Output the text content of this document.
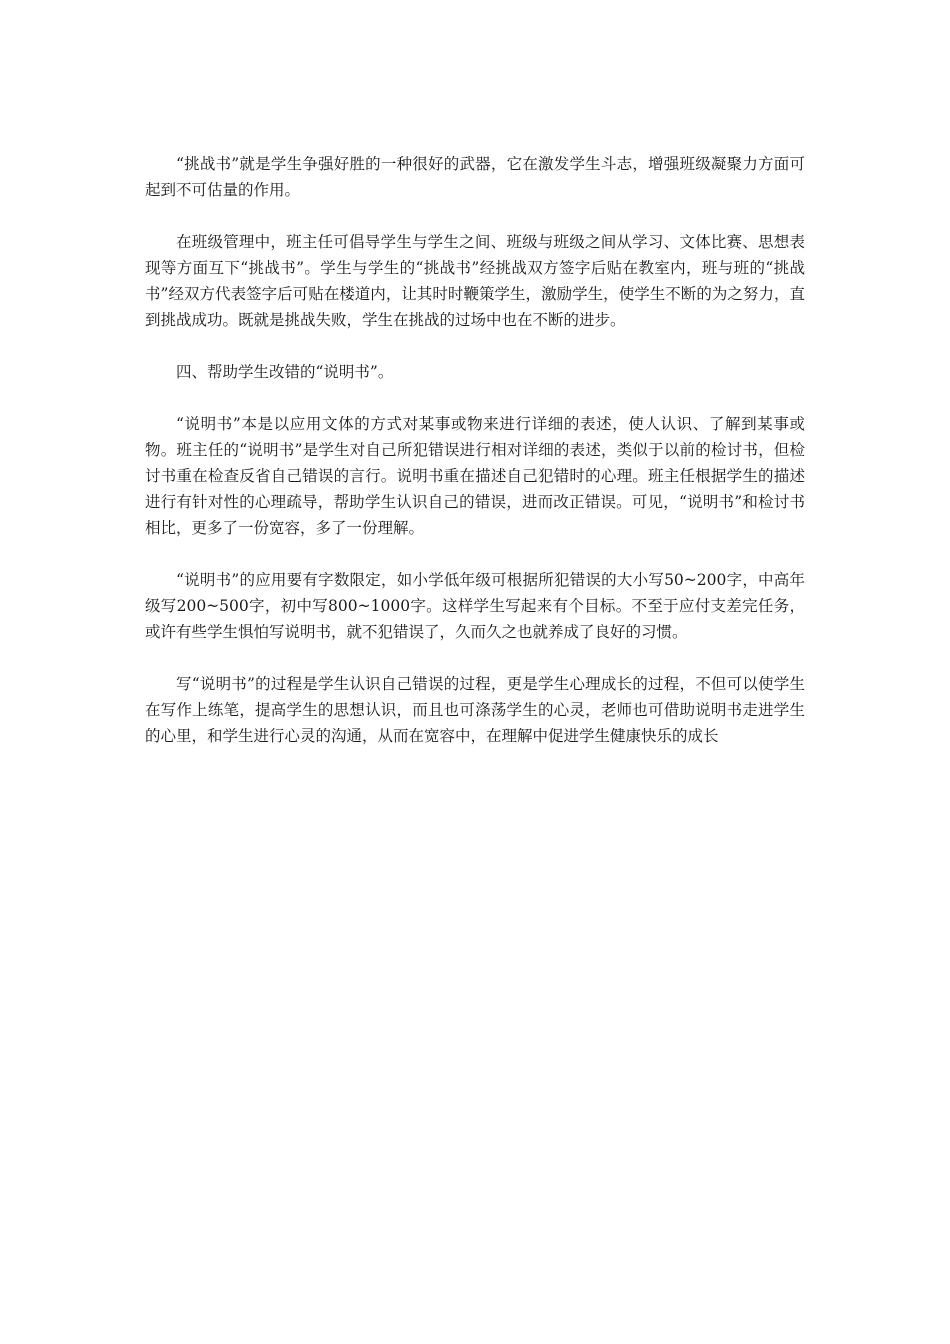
“挑战书”就是学生争强好胜的一种很好的武器，它在激发学生斗志，增强班级凝聚力方面可起到不可估量的作用。

在班级管理中，班主任可倡导学生与学生之间、班级与班级之间从学习、文体比赛、思想表现等方面互下“挑战书”。学生与学生的“挑战书”经挑战双方签字后贴在教室内，班与班的“挑战书”经双方代表签字后可贴在楼道内，让其时时鞭策学生，激励学生，使学生不断的为之努力，直到挑战成功。既就是挑战失败，学生在挑战的过场中也在不断的进步。

四、帮助学生改错的“说明书”。

“说明书”本是以应用文体的方式对某事或物来进行详细的表述，使人认识、了解到某事或物。班主任的“说明书”是学生对自己所犯错误进行相对详细的表述，类似于以前的检讨书，但检讨书重在检查反省自己错误的言行。说明书重在描述自己犯错时的心理。班主任根据学生的描述进行有针对性的心理疏导，帮助学生认识自己的错误，进而改正错误。可见，“说明书”和检讨书相比，更多了一份宽容，多了一份理解。

“说明书”的应用要有字数限定，如小学低年级可根据所犯错误的大小写50~200字，中高年级写200~500字，初中写800~1000字。这样学生写起来有个目标。不至于应付支差完任务，或许有些学生惧怕写说明书，就不犯错误了，久而久之也就养成了良好的习惯。

写“说明书”的过程是学生认识自己错误的过程，更是学生心理成长的过程，不但可以使学生在写作上练笔，提高学生的思想认识，而且也可涤荡学生的心灵，老师也可借助说明书走进学生的心里，和学生进行心灵的沟通，从而在宽容中，在理解中促进学生健康快乐的成长
